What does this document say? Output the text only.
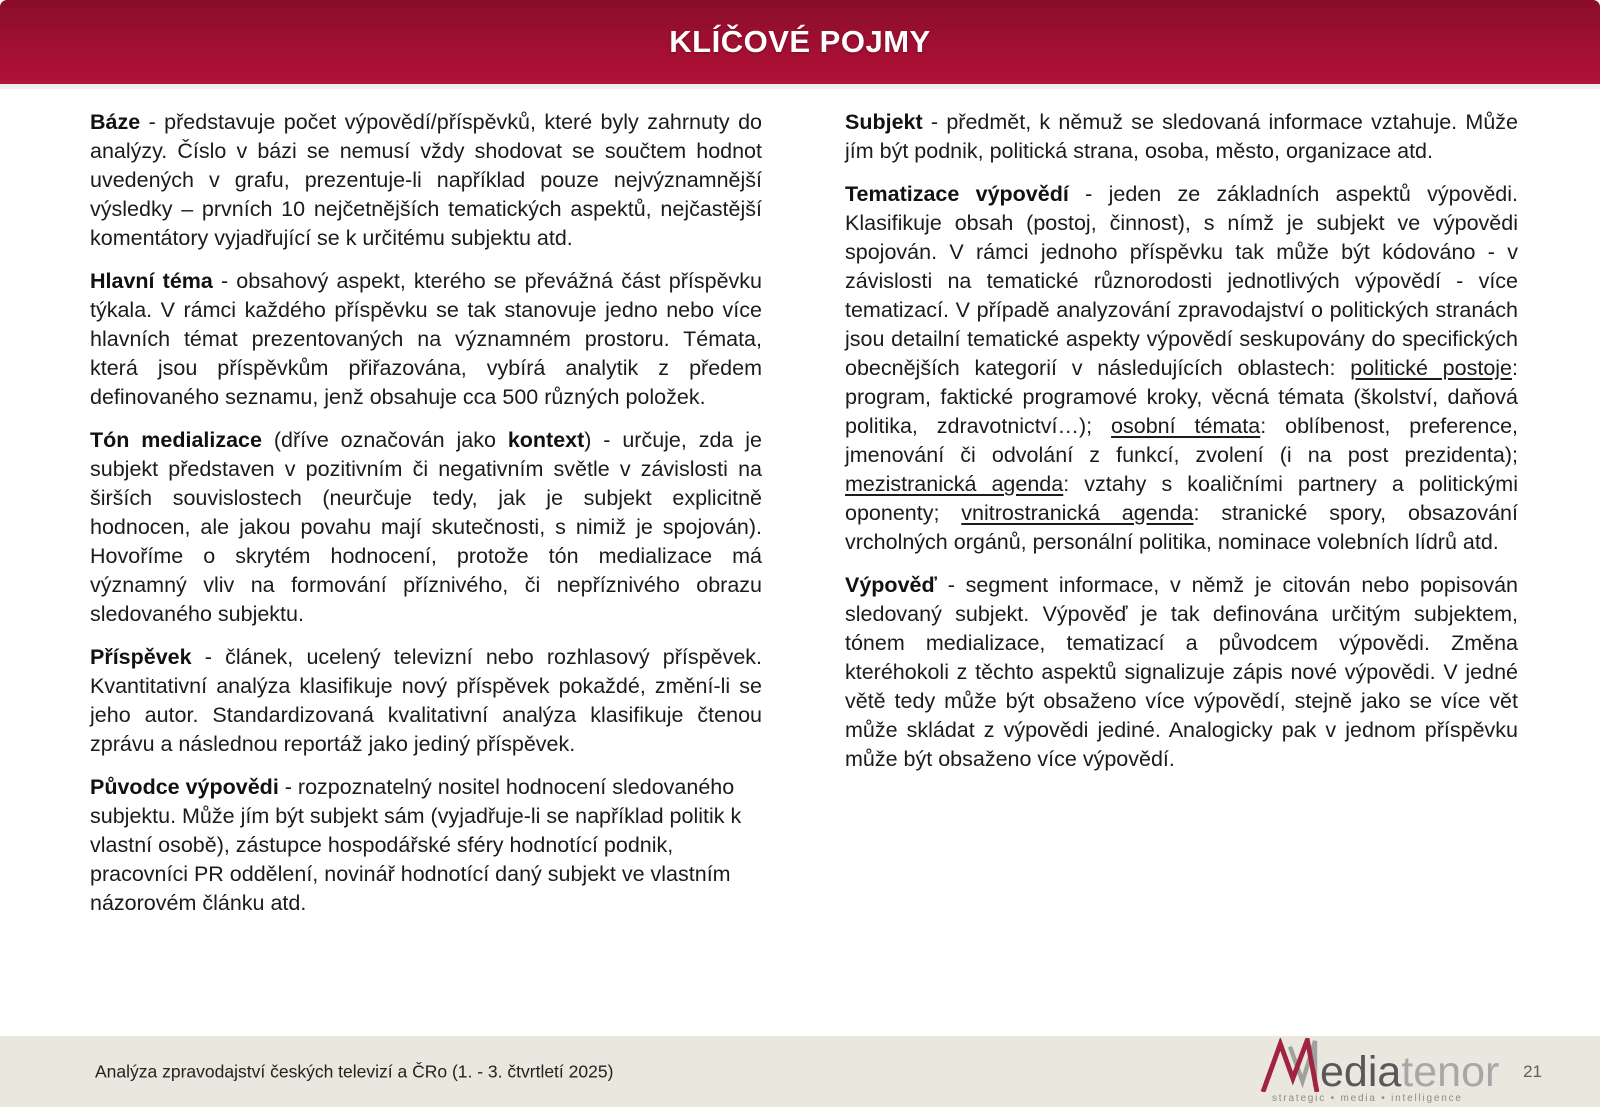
KLÍČOVÉ POJMY

Báze - představuje počet výpovědí/příspěvků, které byly zahrnuty do analýzy. Číslo v bázi se nemusí vždy shodovat se součtem hodnot uvedených v grafu, prezentuje-li například pouze nejvýznamnější výsledky – prvních 10 nejčetnějších tematických aspektů, nejčastější komentátory vyjadřující se k určitému subjektu atd.

Hlavní téma - obsahový aspekt, kterého se převážná část příspěvku týkala. V rámci každého příspěvku se tak stanovuje jedno nebo více hlavních témat prezentovaných na významném prostoru. Témata, která jsou příspěvkům přiřazována, vybírá analytik z předem definovaného seznamu, jenž obsahuje cca 500 různých položek.

Tón medializace (dříve označován jako kontext) - určuje, zda je subjekt představen v pozitivním či negativním světle v závislosti na širších souvislostech (neurčuje tedy, jak je subjekt explicitně hodnocen, ale jakou povahu mají skutečnosti, s nimiž je spojován). Hovoříme o skrytém hodnocení, protože tón medializace má významný vliv na formování příznivého, či nepříznivého obrazu sledovaného subjektu.

Příspěvek - článek, ucelený televizní nebo rozhlasový příspěvek. Kvantitativní analýza klasifikuje nový příspěvek pokaždé, změní-li se jeho autor. Standardizovaná kvalitativní analýza klasifikuje čtenou zprávu a následnou reportáž jako jediný příspěvek.

Původce výpovědi - rozpoznatelný nositel hodnocení sledovaného subjektu. Může jím být subjekt sám (vyjadřuje-li se například politik k vlastní osobě), zástupce hospodářské sféry hodnotící podnik, pracovníci PR oddělení, novinář hodnotící daný subjekt ve vlastním názorovém článku atd.

Subjekt - předmět, k němuž se sledovaná informace vztahuje. Může jím být podnik, politická strana, osoba, město, organizace atd.

Tematizace výpovědí - jeden ze základních aspektů výpovědi. Klasifikuje obsah (postoj, činnost), s nímž je subjekt ve výpovědi spojován. V rámci jednoho příspěvku tak může být kódováno - v závislosti na tematické různorodosti jednotlivých výpovědí - více tematizací. V případě analyzování zpravodajství o politických stranách jsou detailní tematické aspekty výpovědí seskupovány do specifických obecnějších kategorií v následujících oblastech: politické postoje: program, faktické programové kroky, věcná témata (školství, daňová politika, zdravotnictví…); osobní témata: oblíbenost, preference, jmenování či odvolání z funkcí, zvolení (i na post prezidenta); mezistranická agenda: vztahy s koaličními partnery a politickými oponenty; vnitrostranická agenda: stranické spory, obsazování vrcholných orgánů, personální politika, nominace volebních lídrů atd.

Výpověď - segment informace, v němž je citován nebo popisován sledovaný subjekt. Výpověď je tak definována určitým subjektem, tónem medializace, tematizací a původcem výpovědi. Změna kteréhokoli z těchto aspektů signalizuje zápis nové výpovědi. V jedné větě tedy může být obsaženo více výpovědí, stejně jako se více vět může skládat z výpovědi jediné. Analogicky pak v jednom příspěvku může být obsaženo více výpovědí.

Analýza zpravodajství českých televizí a ČRo (1. - 3. čtvrtletí 2025)	ediatenor
strategic • media • intelligence
21
